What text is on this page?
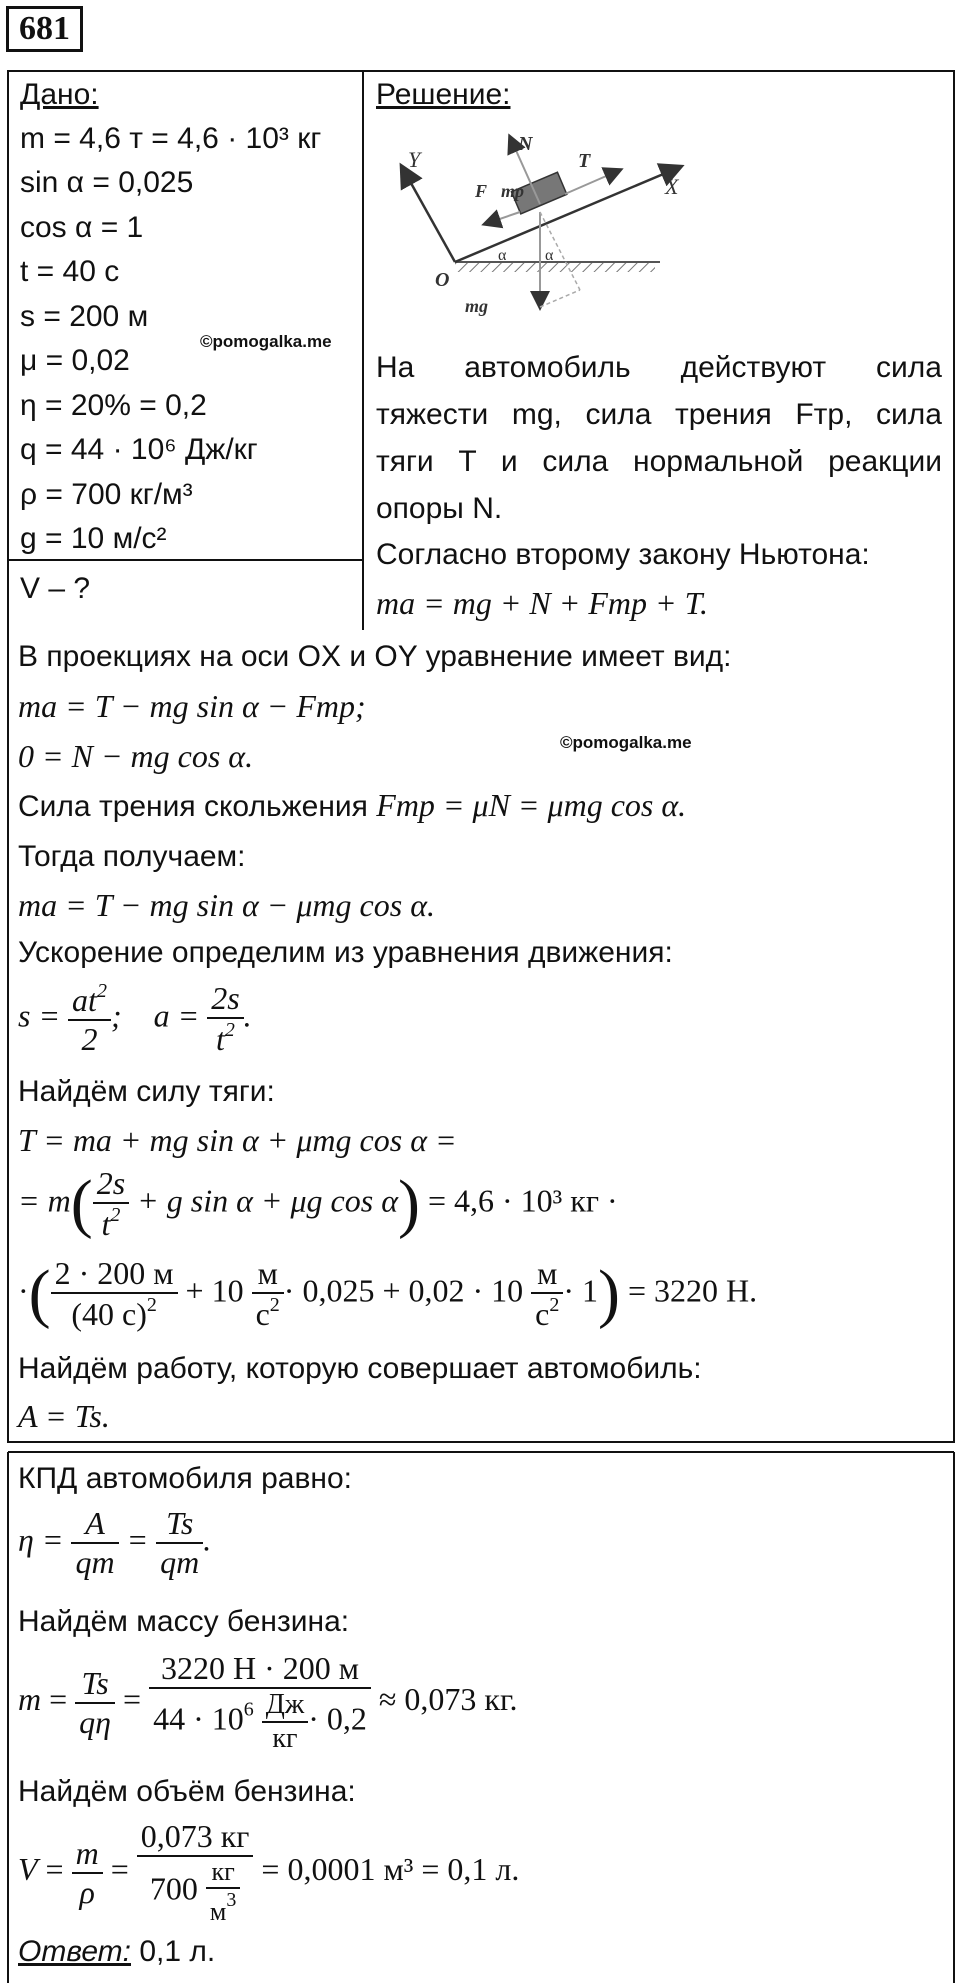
681
Дано:
m = 4,6 т = 4,6 · 10³ кг
sin α = 0,025
cos α = 1
t = 40 с
s = 200 м
μ = 0,02
η = 20% = 0,2
q = 44 · 10⁶ Дж/кг
ρ = 700 кг/м³
g = 10 м/с²
V – ?
©pomogalka.me
Решение:
Y
N⃗
F⃗тр
T⃗
X
O
α α
mg⃗
На автомобиль действуют сила
тяжести mg, сила трения Fтр, сила
тяги T и сила нормальной реакции
опоры N.
Согласно второму закону Ньютона:
ma = mg + N + Fтр + T.
В проекциях на оси OX и OY уравнение имеет вид:
ma = T − mg sin α − Fтр;
©pomogalka.me
0 = N − mg cos α.
Сила трения скольжения Fтр = μN = μmg cos α.
Тогда получаем:
ma = T − mg sin α − μmg cos α.
Ускорение определим из уравнения движения:
$s = \frac{at^2}{2}$ ;    $a = \frac{2s}{t^2}$ .
Найдём силу тяги:
T = ma + mg sin α + μmg cos α =
= $m( \frac{2s}{t^2} + g$ sin α + μg cos α) = 4,6 · 10³ кг ·
·( $\frac{2 \cdot 200 м}{(40 с)^2} + 10 \frac{м}{с^2} \cdot 0,025 + 0,02 \cdot 10 \frac{м}{с^2} \cdot 1) = 3220$ Н.
Найдём работу, которую совершает автомобиль:
A = Ts.
КПД автомобиля равно:
$\eta = \frac{A}{qm} = \frac{Ts}{qm}$ .
Найдём массу бензина:
$m = \frac{Ts}{q\eta} = \frac{3220 Н \cdot 200 м}{44 \cdot 10^6 \frac{Дж}{кг} \cdot 0,2} \approx 0,073$ кг.
Найдём объём бензина:
$V = \frac{m}{\rho} = \frac{0,073 кг}{700 \frac{кг}{м^3}} = 0,0001$ м³ = 0,1 л.
Ответ: 0,1 л.
